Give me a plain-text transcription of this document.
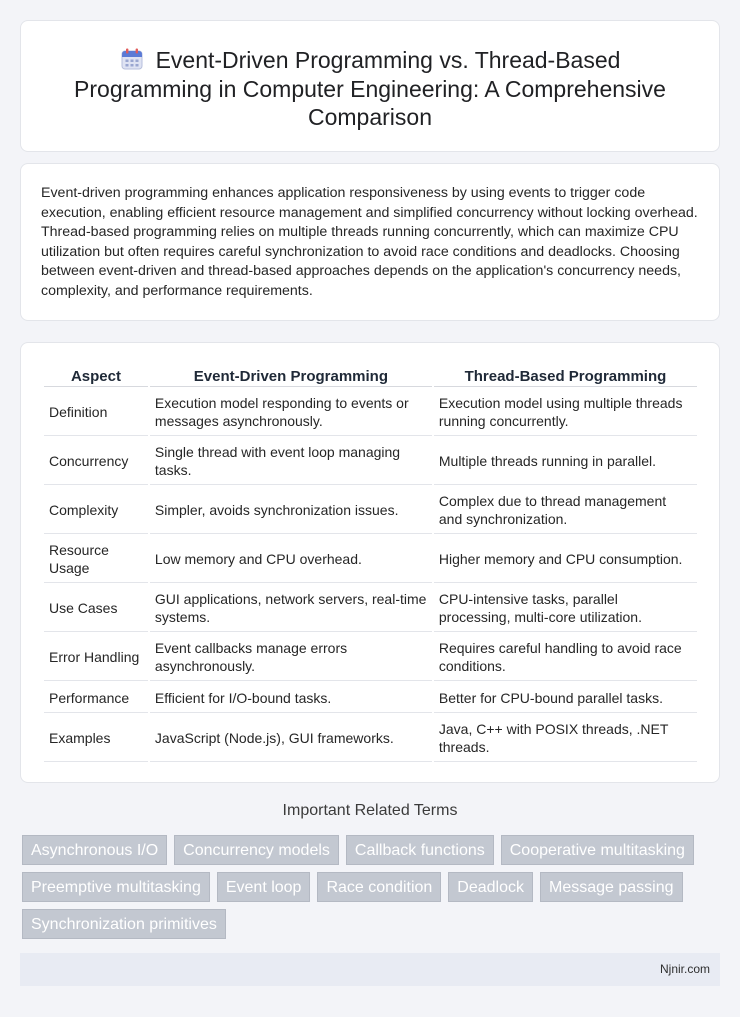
Event-Driven Programming vs. Thread-Based Programming in Computer Engineering: A Comprehensive Comparison

Event-driven programming enhances application responsiveness by using events to trigger code execution, enabling efficient resource management and simplified concurrency without locking overhead. Thread-based programming relies on multiple threads running concurrently, which can maximize CPU utilization but often requires careful synchronization to avoid race conditions and deadlocks. Choosing between event-driven and thread-based approaches depends on the application's concurrency needs, complexity, and performance requirements.

Aspect	Event-Driven Programming	Thread-Based Programming
Definition	Execution model responding to events or messages asynchronously.	Execution model using multiple threads running concurrently.
Concurrency	Single thread with event loop managing tasks.	Multiple threads running in parallel.
Complexity	Simpler, avoids synchronization issues.	Complex due to thread management and synchronization.
Resource Usage	Low memory and CPU overhead.	Higher memory and CPU consumption.
Use Cases	GUI applications, network servers, real-time systems.	CPU-intensive tasks, parallel processing, multi-core utilization.
Error Handling	Event callbacks manage errors asynchronously.	Requires careful handling to avoid race conditions.
Performance	Efficient for I/O-bound tasks.	Better for CPU-bound parallel tasks.
Examples	JavaScript (Node.js), GUI frameworks.	Java, C++ with POSIX threads, .NET threads.
Important Related Terms
Asynchronous I/O	Concurrency models	Callback functions	Cooperative multitasking
Preemptive multitasking	Event loop	Race condition	Deadlock	Message passing
Synchronization primitives
Njnir.com
